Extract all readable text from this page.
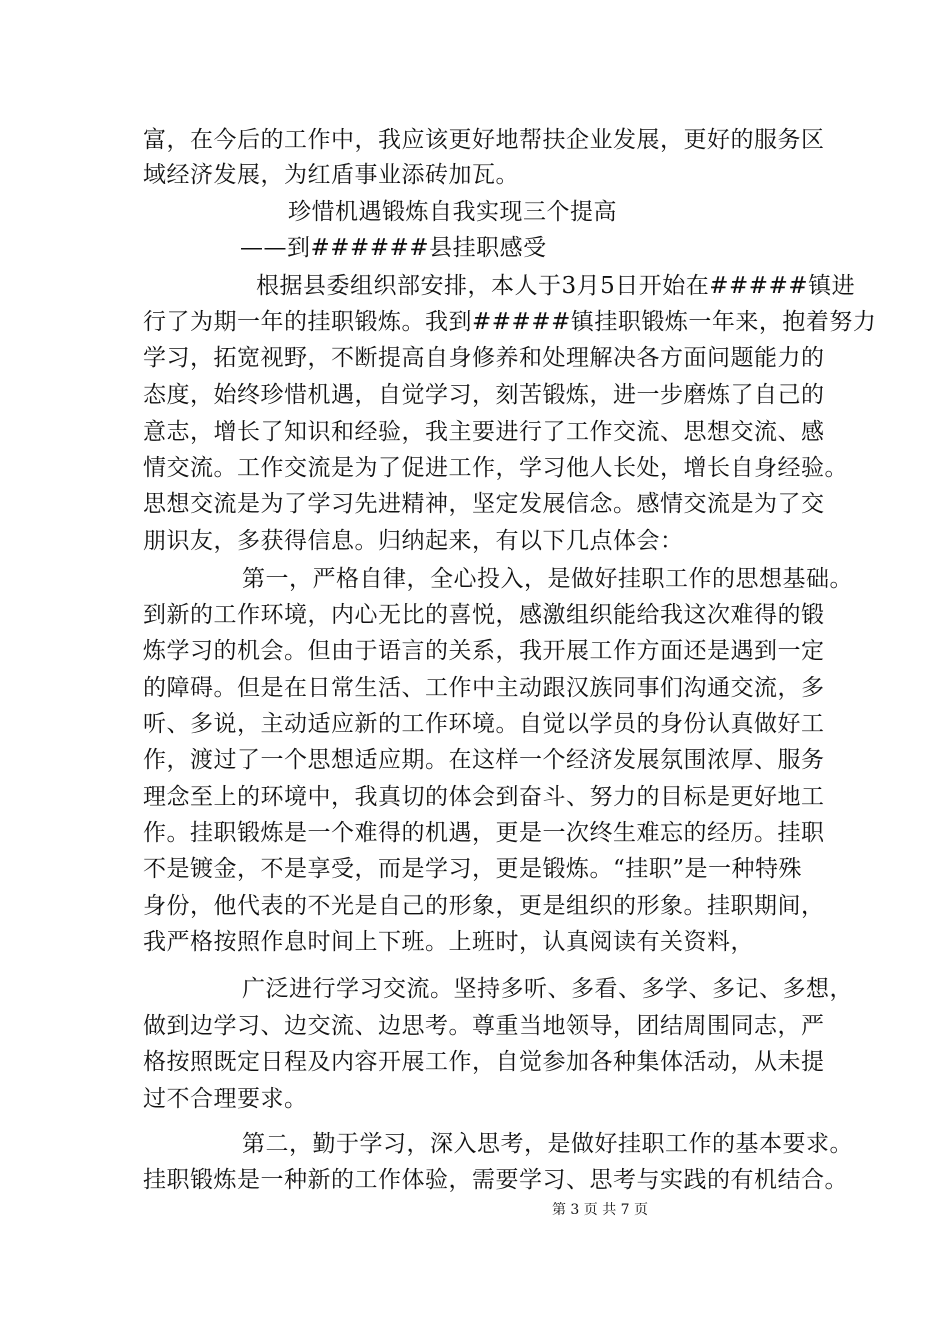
富，在今后的工作中，我应该更好地帮扶企业发展，更好的服务区
域经济发展，为红盾事业添砖加瓦。
珍惜机遇锻炼自我实现三个提高
——到######县挂职感受
根据县委组织部安排，本人于3月5日开始在#####镇进
行了为期一年的挂职锻炼。我到#####镇挂职锻炼一年来，抱着努力
学习，拓宽视野，不断提高自身修养和处理解决各方面问题能力的
态度，始终珍惜机遇，自觉学习，刻苦锻炼，进一步磨炼了自己的
意志，增长了知识和经验，我主要进行了工作交流、思想交流、感
情交流。工作交流是为了促进工作，学习他人长处，增长自身经验。
思想交流是为了学习先进精神，坚定发展信念。感情交流是为了交
朋识友，多获得信息。归纳起来，有以下几点体会：
第一，严格自律，全心投入，是做好挂职工作的思想基础。
到新的工作环境，内心无比的喜悦，感激组织能给我这次难得的锻
炼学习的机会。但由于语言的关系，我开展工作方面还是遇到一定
的障碍。但是在日常生活、工作中主动跟汉族同事们沟通交流，多
听、多说，主动适应新的工作环境。自觉以学员的身份认真做好工
作，渡过了一个思想适应期。在这样一个经济发展氛围浓厚、服务
理念至上的环境中，我真切的体会到奋斗、努力的目标是更好地工
作。挂职锻炼是一个难得的机遇，更是一次终生难忘的经历。挂职
不是镀金，不是享受，而是学习，更是锻炼。“挂职”是一种特殊
身份，他代表的不光是自己的形象，更是组织的形象。挂职期间，
我严格按照作息时间上下班。上班时，认真阅读有关资料，
广泛进行学习交流。坚持多听、多看、多学、多记、多想，
做到边学习、边交流、边思考。尊重当地领导，团结周围同志，严
格按照既定日程及内容开展工作，自觉参加各种集体活动，从未提
过不合理要求。
第二，勤于学习，深入思考，是做好挂职工作的基本要求。
挂职锻炼是一种新的工作体验，需要学习、思考与实践的有机结合。
第 3 页 共 7 页
